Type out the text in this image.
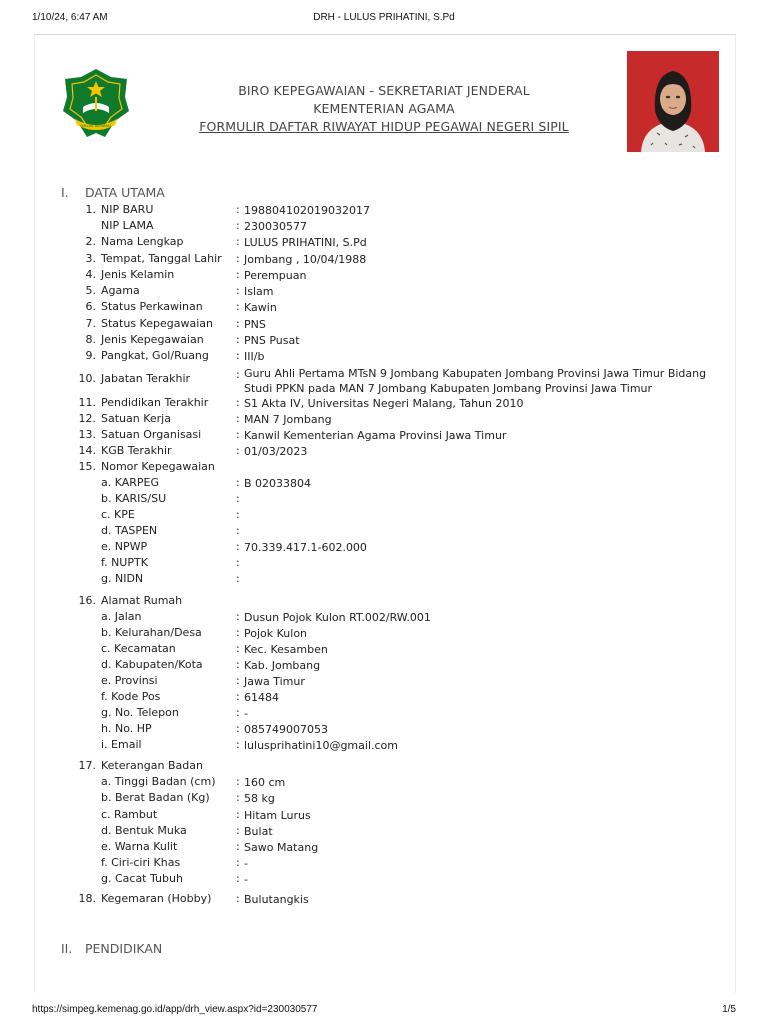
1/10/24, 6:47 AM	DRH - LULUS PRIHATINI, S.Pd
IKHLAS BERAMAL
BIRO KEPEGAWAIAN - SEKRETARIAT JENDERAL
KEMENTERIAN AGAMA
FORMULIR DAFTAR RIWAYAT HIDUP PEGAWAI NEGERI SIPIL
I. DATA UTAMA
1. NIP BARU	: 198804102019032017
NIP LAMA	: 230030577
2. Nama Lengkap	: LULUS PRIHATINI, S.Pd
3. Tempat, Tanggal Lahir : Jombang , 10/04/1988
4. Jenis Kelamin	: Perempuan
5. Agama	: Islam
6. Status Perkawinan	: Kawin
7. Status Kepegawaian : PNS
8. Jenis Kepegawaian	: PNS Pusat
9. Pangkat, Gol/Ruang : III/b
10. Jabatan Terakhir	: Guru Ahli Pertama MTsN 9 Jombang Kabupaten Jombang Provinsi Jawa Timur Bidang Studi PPKN pada MAN 7 Jombang Kabupaten Jombang Provinsi Jawa Timur
11. Pendidikan Terakhir	: S1 Akta IV, Universitas Negeri Malang, Tahun 2010
12. Satuan Kerja	: MAN 7 Jombang
13. Satuan Organisasi	: Kanwil Kementerian Agama Provinsi Jawa Timur
14. KGB Terakhir	: 01/03/2023
15. Nomor Kepegawaian
a. KARPEG	: B 02033804
b. KARIS/SU	:
c. KPE	:
d. TASPEN	:
e. NPWP	: 70.339.417.1-602.000
f. NUPTK	:
g. NIDN	:
16. Alamat Rumah
a. Jalan	: Dusun Pojok Kulon RT.002/RW.001
b. Kelurahan/Desa	: Pojok Kulon
c. Kecamatan	: Kec. Kesamben
d. Kabupaten/Kota	: Kab. Jombang
e. Provinsi	: Jawa Timur
f. Kode Pos	: 61484
g. No. Telepon	: -
h. No. HP	: 085749007053
i. Email	: lulusprihatini10@gmail.com
17. Keterangan Badan
a. Tinggi Badan (cm) : 160 cm
b. Berat Badan (Kg) : 58 kg
c. Rambut	: Hitam Lurus
d. Bentuk Muka	: Bulat
e. Warna Kulit	: Sawo Matang
f. Ciri-ciri Khas	: -
g. Cacat Tubuh	: -
18. Kegemaran (Hobby) : Bulutangkis
II. PENDIDIKAN
https://simpeg.kemenag.go.id/app/drh_view.aspx?id=230030577	1/5
